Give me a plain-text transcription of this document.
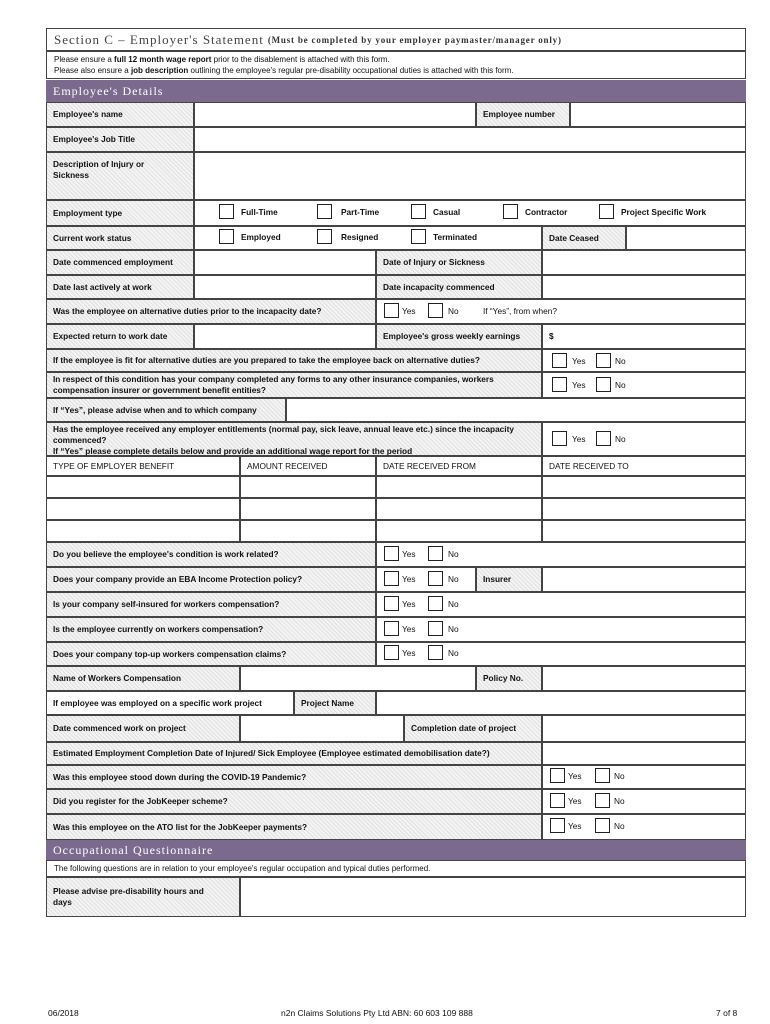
Section C – Employer's Statement (Must be completed by your employer paymaster/manager only)
Please ensure a full 12 month wage report prior to the disablement is attached with this form.
Please also ensure a job description outlining the employee's regular pre-disability occupational duties is attached with this form.
Employee's Details
Employee's name	Employee number
Employee's Job Title
Description of Injury or Sickness
Employment type	Full-Time	Part-Time	Casual	Contractor	Project Specific Work
Current work status	Employed	Resigned	Terminated	Date Ceased
Date commenced employment	Date of Injury or Sickness
Date last actively at work	Date incapacity commenced
Was the employee on alternative duties prior to the incapacity date?	Yes	No	If “Yes”, from when?
Expected return to work date	Employee's gross weekly earnings	$
If the employee is fit for alternative duties are you prepared to take the employee back on alternative duties?	Yes	No
In respect of this condition has your company completed any forms to any other insurance companies, workers compensation insurer or government benefit entities?	Yes	No
If “Yes”, please advise when and to which company
Has the employee received any employer entitlements (normal pay, sick leave, annual leave etc.) since the incapacity commenced?
If “Yes” please complete details below and provide an additional wage report for the period
Yes	No
TYPE OF EMPLOYER BENEFIT	AMOUNT RECEIVED	DATE RECEIVED FROM	DATE RECEIVED TO
Do you believe the employee's condition is work related?	Yes	No
Does your company provide an EBA Income Protection policy?	Yes	No	Insurer
Is your company self-insured for workers compensation?	Yes	No
Is the employee currently on workers compensation?	Yes	No
Does your company top-up workers compensation claims?	Yes	No
Name of Workers Compensation	Policy No.
If employee was employed on a specific work project	Project Name
Date commenced work on project	Completion date of project
Estimated Employment Completion Date of Injured/ Sick Employee (Employee estimated demobilisation date?)
Was this employee stood down during the COVID-19 Pandemic?	Yes	No
Did you register for the JobKeeper scheme?	Yes	No
Was this employee on the ATO list for the JobKeeper payments?	Yes	No
Occupational Questionnaire
The following questions are in relation to your employee's regular occupation and typical duties performed.
Please advise pre-disability hours and days
06/2018	n2n Claims Solutions Pty Ltd ABN: 60 603 109 888	7 of 8
